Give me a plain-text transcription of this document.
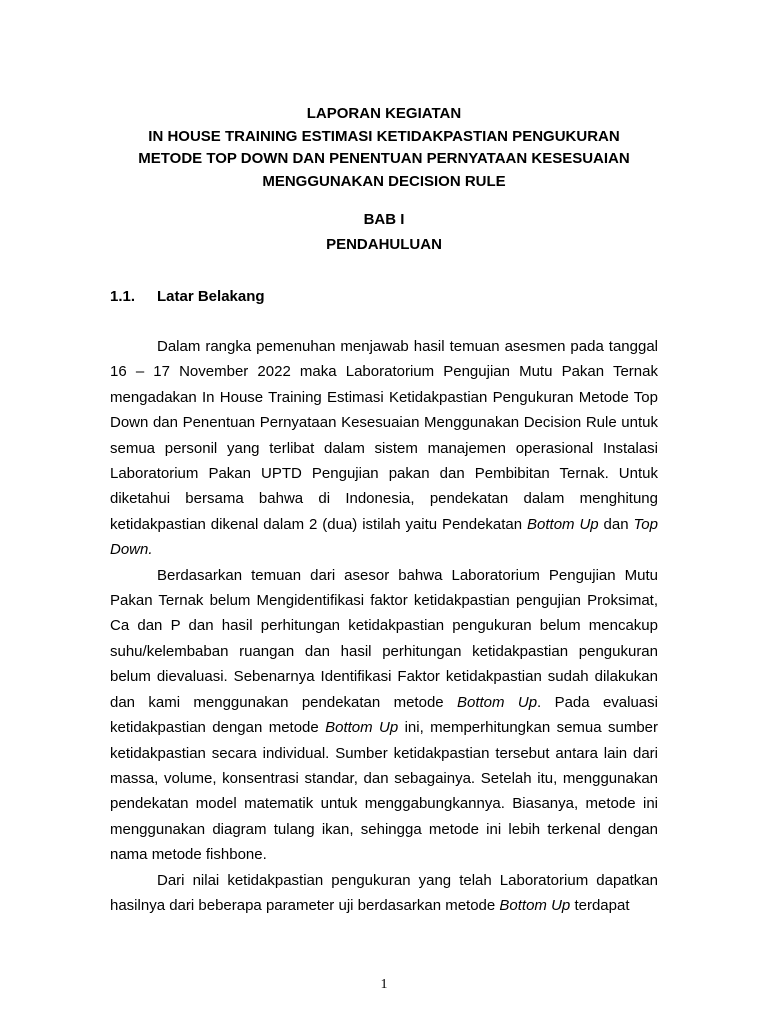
LAPORAN KEGIATAN
IN HOUSE TRAINING ESTIMASI KETIDAKPASTIAN PENGUKURAN
METODE TOP DOWN DAN PENENTUAN PERNYATAAN KESESUAIAN
MENGGUNAKAN DECISION RULE
BAB I
PENDAHULUAN
1.1. Latar Belakang

Dalam rangka pemenuhan menjawab hasil temuan asesmen pada tanggal 16 – 17 November 2022 maka Laboratorium Pengujian Mutu Pakan Ternak mengadakan In House Training Estimasi Ketidakpastian Pengukuran Metode Top Down dan Penentuan Pernyataan Kesesuaian Menggunakan Decision Rule untuk semua personil yang terlibat dalam sistem manajemen operasional Instalasi Laboratorium Pakan UPTD Pengujian pakan dan Pembibitan Ternak. Untuk diketahui bersama bahwa di Indonesia, pendekatan dalam menghitung ketidakpastian dikenal dalam 2 (dua) istilah yaitu Pendekatan Bottom Up dan Top Down.

Berdasarkan temuan dari asesor bahwa Laboratorium Pengujian Mutu Pakan Ternak belum Mengidentifikasi faktor ketidakpastian pengujian Proksimat, Ca dan P dan hasil perhitungan ketidakpastian pengukuran belum mencakup suhu/kelembaban ruangan dan hasil perhitungan ketidakpastian pengukuran belum dievaluasi. Sebenarnya Identifikasi Faktor ketidakpastian sudah dilakukan dan kami menggunakan pendekatan metode Bottom Up. Pada evaluasi ketidakpastian dengan metode Bottom Up ini, memperhitungkan semua sumber ketidakpastian secara individual. Sumber ketidakpastian tersebut antara lain dari massa, volume, konsentrasi standar, dan sebagainya. Setelah itu, menggunakan pendekatan model matematik untuk menggabungkannya. Biasanya, metode ini menggunakan diagram tulang ikan, sehingga metode ini lebih terkenal dengan nama metode fishbone.

Dari nilai ketidakpastian pengukuran yang telah Laboratorium dapatkan hasilnya dari beberapa parameter uji berdasarkan metode Bottom Up terdapat

1
